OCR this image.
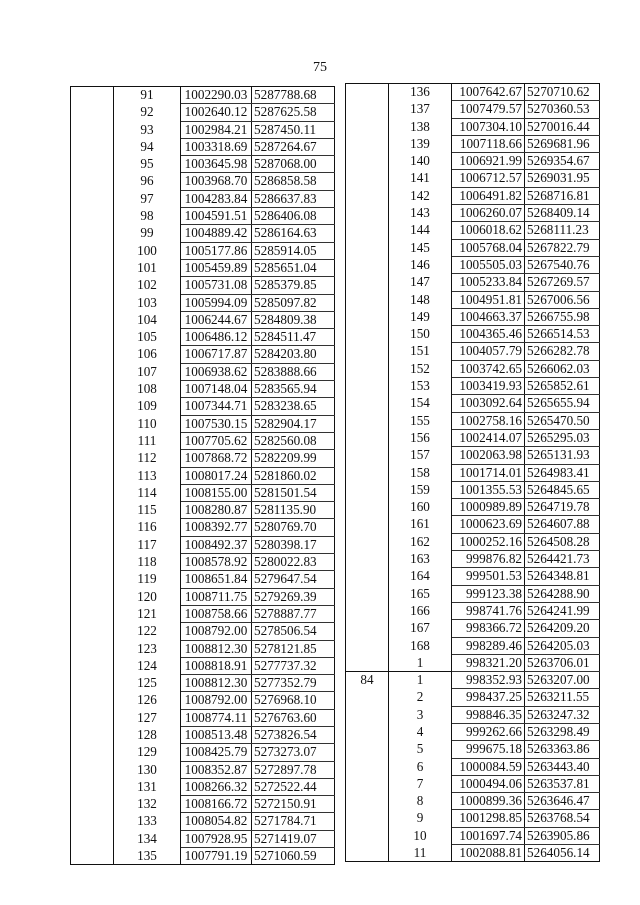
75
	91	1002290.03	5287788.68
	92	1002640.12	5287625.58
	93	1002984.21	5287450.11
	94	1003318.69	5287264.67
	95	1003645.98	5287068.00
	96	1003968.70	5286858.58
	97	1004283.84	5286637.83
	98	1004591.51	5286406.08
	99	1004889.42	5286164.63
	100	1005177.86	5285914.05
	101	1005459.89	5285651.04
	102	1005731.08	5285379.85
	103	1005994.09	5285097.82
	104	1006244.67	5284809.38
	105	1006486.12	5284511.47
	106	1006717.87	5284203.80
	107	1006938.62	5283888.66
	108	1007148.04	5283565.94
	109	1007344.71	5283238.65
	110	1007530.15	5282904.17
	111	1007705.62	5282560.08
	112	1007868.72	5282209.99
	113	1008017.24	5281860.02
	114	1008155.00	5281501.54
	115	1008280.87	5281135.90
	116	1008392.77	5280769.70
	117	1008492.37	5280398.17
	118	1008578.92	5280022.83
	119	1008651.84	5279647.54
	120	1008711.75	5279269.39
	121	1008758.66	5278887.77
	122	1008792.00	5278506.54
	123	1008812.30	5278121.85
	124	1008818.91	5277737.32
	125	1008812.30	5277352.79
	126	1008792.00	5276968.10
	127	1008774.11	5276763.60
	128	1008513.48	5273826.54
	129	1008425.79	5273273.07
	130	1008352.87	5272897.78
	131	1008266.32	5272522.44
	132	1008166.72	5272150.91
	133	1008054.82	5271784.71
	134	1007928.95	5271419.07
	135	1007791.19	5271060.59
	136	1007642.67	5270710.62
	137	1007479.57	5270360.53
	138	1007304.10	5270016.44
	139	1007118.66	5269681.96
	140	1006921.99	5269354.67
	141	1006712.57	5269031.95
	142	1006491.82	5268716.81
	143	1006260.07	5268409.14
	144	1006018.62	5268111.23
	145	1005768.04	5267822.79
	146	1005505.03	5267540.76
	147	1005233.84	5267269.57
	148	1004951.81	5267006.56
	149	1004663.37	5266755.98
	150	1004365.46	5266514.53
	151	1004057.79	5266282.78
	152	1003742.65	5266062.03
	153	1003419.93	5265852.61
	154	1003092.64	5265655.94
	155	1002758.16	5265470.50
	156	1002414.07	5265295.03
	157	1002063.98	5265131.93
	158	1001714.01	5264983.41
	159	1001355.53	5264845.65
	160	1000989.89	5264719.78
	161	1000623.69	5264607.88
	162	1000252.16	5264508.28
	163	999876.82	5264421.73
	164	999501.53	5264348.81
	165	999123.38	5264288.90
	166	998741.76	5264241.99
	167	998366.72	5264209.20
	168	998289.46	5264205.03
	1	998321.20	5263706.01
84	1	998352.93	5263207.00
	2	998437.25	5263211.55
	3	998846.35	5263247.32
	4	999262.66	5263298.49
	5	999675.18	5263363.86
	6	1000084.59	5263443.40
	7	1000494.06	5263537.81
	8	1000899.36	5263646.47
	9	1001298.85	5263768.54
	10	1001697.74	5263905.86
	11	1002088.81	5264056.14
